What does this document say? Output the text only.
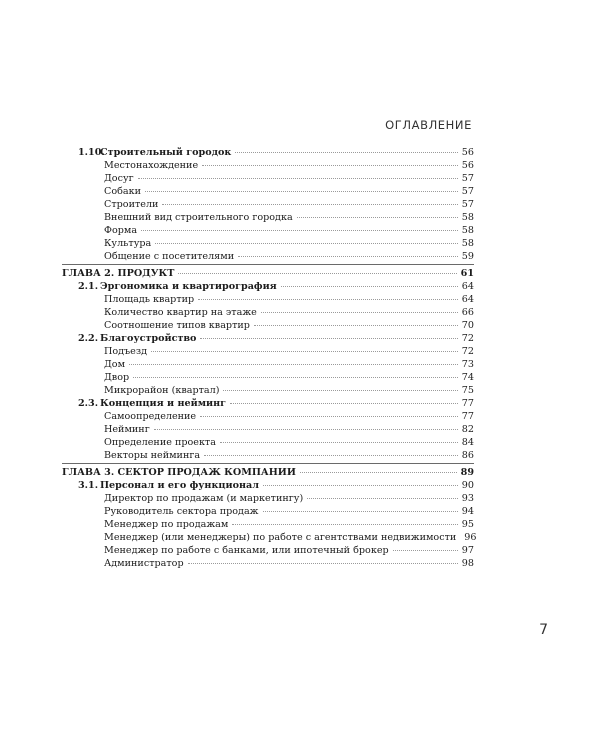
ОГЛАВЛЕНИЕ
1.10.Строительный городок	56
Местонахождение	56
Досуг	57
Собаки	57
Строители	57
Внешний вид строительного городка	58
Форма	58
Культура	58
Общение с посетителями	59
ГЛАВА 2. ПРОДУКТ	61
2.1. Эргономика и квартирография	64
Площадь квартир	64
Количество квартир на этаже	66
Соотношение типов квартир	70
2.2. Благоустройство	72
Подъезд	72
Дом	73
Двор	74
Микрорайон (квартал)	75
2.3. Концепция и нейминг	77
Самоопределение	77
Нейминг	82
Определение проекта	84
Векторы нейминга	86
ГЛАВА 3. СЕКТОР ПРОДАЖ КОМПАНИИ	89
3.1. Персонал и его функционал	90
Директор по продажам (и маркетингу)	93
Руководитель сектора продаж	94
Менеджер по продажам	95
Менеджер (или менеджеры) по работе с агентствами недвижимости 96
Менеджер по работе с банками, или ипотечный брокер	97
Администратор	98
7
